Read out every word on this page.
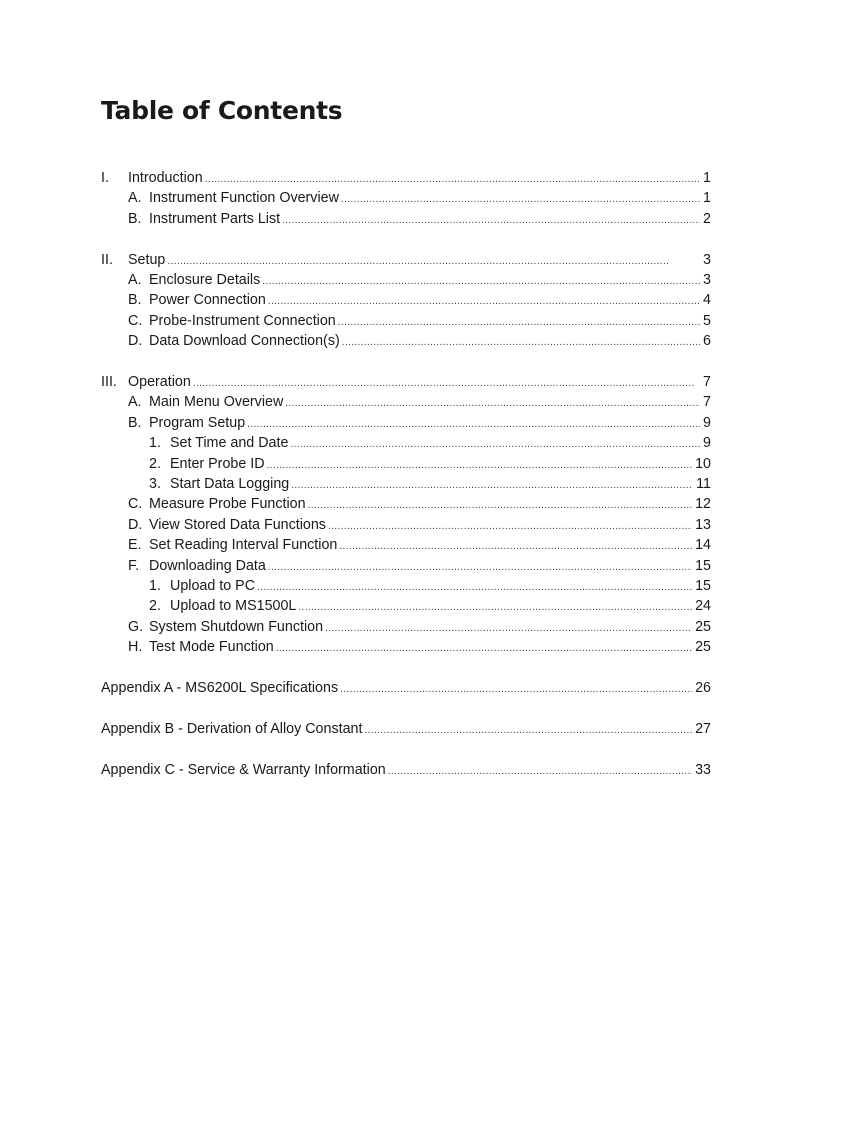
Table of Contents
I.	Introduction . . .	1
A. Instrument Function Overview . . .	1
B. Instrument Parts List . . .	2
II.	Setup . . .	3
A. Enclosure Details . . .	3
B. Power Connection . . .	4
C. Probe-Instrument Connection . . .	5
D. Data Download Connection(s) . . .	6
III. Operation . . .	7
A. Main Menu Overview . . .	7
B. Program Setup . . .	9
1. Set Time and Date . . .	9
2. Enter Probe ID . . .	10
3. Start Data Logging . . .	11
C. Measure Probe Function . . .	12
D. View Stored Data Functions . . .	13
E. Set Reading Interval Function . . .	14
F. Downloading Data . . .	15
1. Upload to PC . . .	15
2. Upload to MS1500L . . .	24
G. System Shutdown Function . . .	25
H. Test Mode Function . . .	25
Appendix A - MS6200L Specifications . . .	26
Appendix B - Derivation of Alloy Constant . . .	27
Appendix C - Service & Warranty Information . . .	33
